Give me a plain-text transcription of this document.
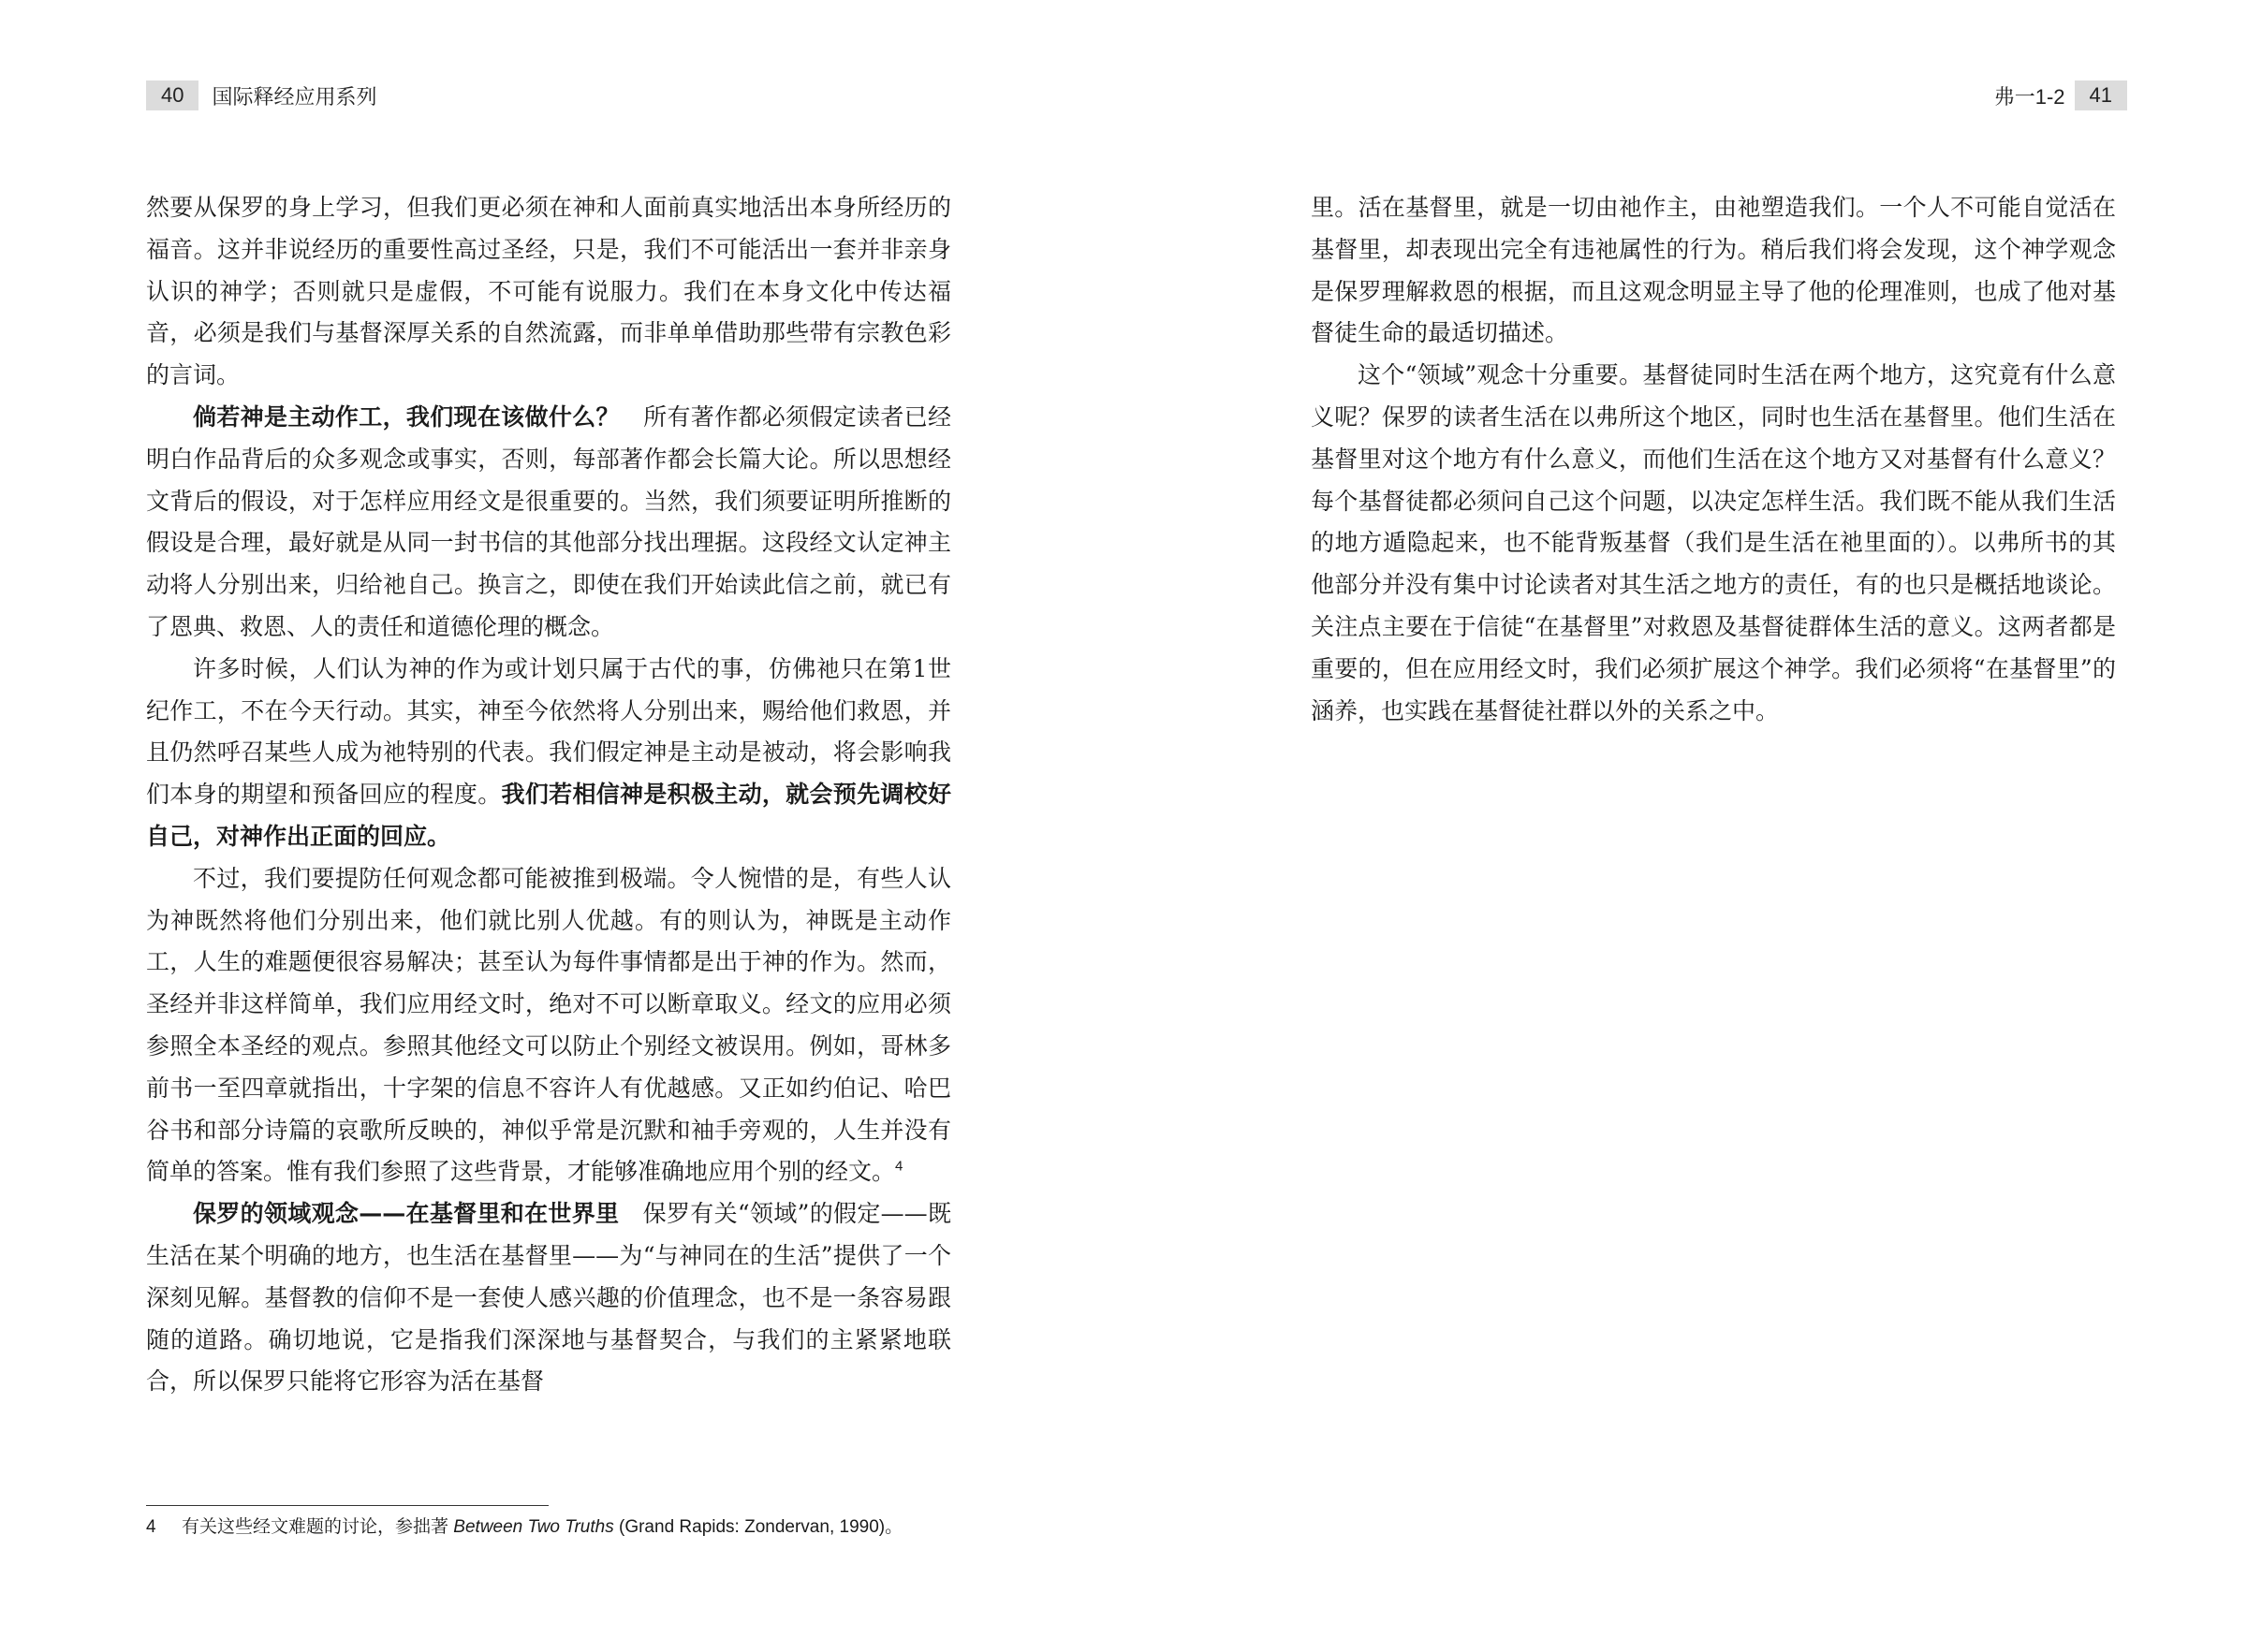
40	国际释经应用系列

然要从保罗的身上学习，但我们更必须在神和人面前真实地活出本身所经历的福音。这并非说经历的重要性高过圣经，只是，我们不可能活出一套并非亲身认识的神学；否则就只是虚假，不可能有说服力。我们在本身文化中传达福音，必须是我们与基督深厚关系的自然流露，而非单单借助那些带有宗教色彩的言词。

倘若神是主动作工，我们现在该做什么？  所有著作都必须假定读者已经明白作品背后的众多观念或事实，否则，每部著作都会长篇大论。所以思想经文背后的假设，对于怎样应用经文是很重要的。当然，我们须要证明所推断的假设是合理，最好就是从同一封书信的其他部分找出理据。这段经文认定神主动将人分别出来，归给祂自己。换言之，即使在我们开始读此信之前，就已有了恩典、救恩、人的责任和道德伦理的概念。

许多时候，人们认为神的作为或计划只属于古代的事，仿佛祂只在第1世纪作工，不在今天行动。其实，神至今依然将人分别出来，赐给他们救恩，并且仍然呼召某些人成为祂特别的代表。我们假定神是主动是被动，将会影响我们本身的期望和预备回应的程度。我们若相信神是积极主动，就会预先调校好自己，对神作出正面的回应。

不过，我们要提防任何观念都可能被推到极端。令人惋惜的是，有些人认为神既然将他们分别出来，他们就比别人优越。有的则认为，神既是主动作工，人生的难题便很容易解决；甚至认为每件事情都是出于神的作为。然而，圣经并非这样简单，我们应用经文时，绝对不可以断章取义。经文的应用必须参照全本圣经的观点。参照其他经文可以防止个别经文被误用。例如，哥林多前书一至四章就指出，十字架的信息不容许人有优越感。又正如约伯记、哈巴谷书和部分诗篇的哀歌所反映的，神似乎常是沉默和袖手旁观的，人生并没有简单的答案。惟有我们参照了这些背景，才能够准确地应用个别的经文。$^4$

保罗的领域观念——在基督里和在世界里  保罗有关“领域”的假定——既生活在某个明确的地方，也生活在基督里——为“与神同在的生活”提供了一个深刻见解。基督教的信仰不是一套使人感兴趣的价值理念，也不是一条容易跟随的道路。确切地说，它是指我们深深地与基督契合，与我们的主紧紧地联合，所以保罗只能将它形容为活在基督

4 有关这些经文难题的讨论，参拙著 Between Two Truths (Grand Rapids: Zondervan, 1990)。
弗一1-2	41

里。活在基督里，就是一切由祂作主，由祂塑造我们。一个人不可能自觉活在基督里，却表现出完全有违祂属性的行为。稍后我们将会发现，这个神学观念是保罗理解救恩的根据，而且这观念明显主导了他的伦理准则，也成了他对基督徒生命的最适切描述。

这个“领域”观念十分重要。基督徒同时生活在两个地方，这究竟有什么意义呢？保罗的读者生活在以弗所这个地区，同时也生活在基督里。他们生活在基督里对这个地方有什么意义，而他们生活在这个地方又对基督有什么意义？每个基督徒都必须问自己这个问题，以决定怎样生活。我们既不能从我们生活的地方遁隐起来，也不能背叛基督（我们是生活在祂里面的）。以弗所书的其他部分并没有集中讨论读者对其生活之地方的责任，有的也只是概括地谈论。关注点主要在于信徒“在基督里”对救恩及基督徒群体生活的意义。这两者都是重要的，但在应用经文时，我们必须扩展这个神学。我们必须将“在基督里”的涵养，也实践在基督徒社群以外的关系之中。
